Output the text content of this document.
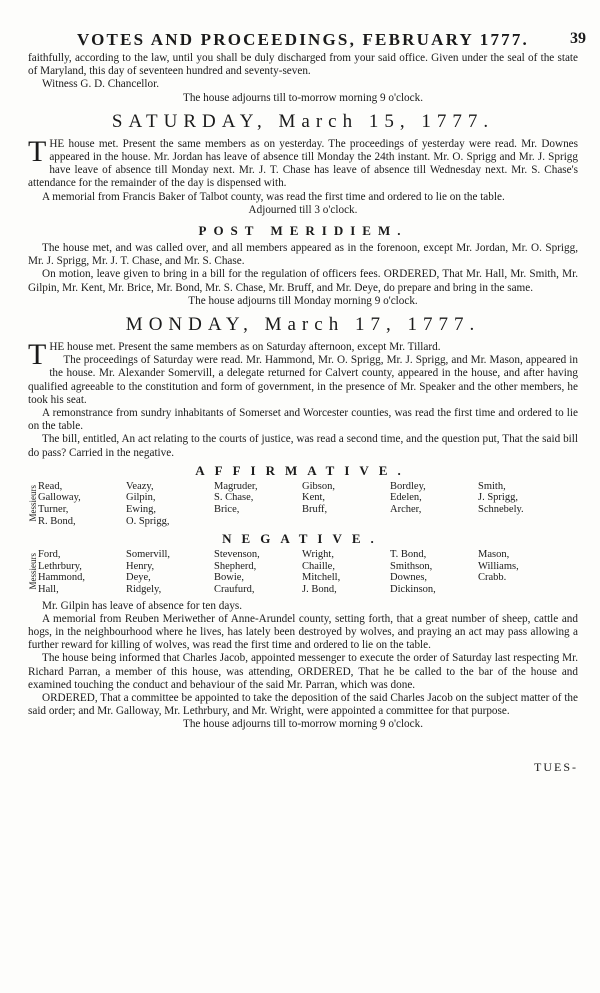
VOTES AND PROCEEDINGS, FEBRUARY 1777.	39

faithfully, according to the law, until you shall be duly discharged from your said office. Given under the seal of the state of Maryland, this day of seventeen hundred and seventy-seven.

Witness G. D. Chancellor.

The house adjourns till to-morrow morning 9 o'clock.

SATURDAY, March 15, 1777.

THE house met. Present the same members as on yesterday. The proceedings of yesterday were read. Mr. Downes appeared in the house. Mr. Jordan has leave of absence till Monday the 24th instant. Mr. O. Sprigg and Mr. J. Sprigg have leave of absence till Monday next. Mr. J. T. Chase has leave of absence till Wednesday next. Mr. S. Chase's attendance for the remainder of the day is dispensed with.

A memorial from Francis Baker of Talbot county, was read the first time and ordered to lie on the table.

Adjourned till 3 o'clock.

POST MERIDIEM.

The house met, and was called over, and all members appeared as in the forenoon, except Mr. Jordan, Mr. O. Sprigg, Mr. J. Sprigg, Mr. J. T. Chase, and Mr. S. Chase.

On motion, leave given to bring in a bill for the regulation of officers fees. ORDERED, That Mr. Hall, Mr. Smith, Mr. Gilpin, Mr. Kent, Mr. Brice, Mr. Bond, Mr. S. Chase, Mr. Bruff, and Mr. Deye, do prepare and bring in the same.

The house adjourns till Monday morning 9 o'clock.

MONDAY, March 17, 1777.

THE house met. Present the same members as on Saturday afternoon, except Mr. Tillard.

The proceedings of Saturday were read. Mr. Hammond, Mr. O. Sprigg, Mr. J. Sprigg, and Mr. Mason, appeared in the house. Mr. Alexander Somervill, a delegate returned for Calvert county, appeared in the house, and after having qualified agreeable to the constitution and form of government, in the presence of Mr. Speaker and the other members, he took his seat.

A remonstrance from sundry inhabitants of Somerset and Worcester counties, was read the first time and ordered to lie on the table.

The bill, entitled, An act relating to the courts of justice, was read a second time, and the question put, That the said bill do pass? Carried in the negative.

AFFIRMATIVE.
Messieurs Read,	Veazy,	Magruder,	Gibson,	Bordley,	Smith,
Galloway,	Gilpin,	S. Chase,	Kent,	Edelen,	J. Sprigg,
Turner,	Ewing,	Brice,	Bruff,	Archer,	Schnebely.
R. Bond,	O. Sprigg,				
NEGATIVE.
Messieurs Ford,	Somervill,	Stevenson,	Wright,	T. Bond,	Mason,
Lethrbury,	Henry,	Shepherd,	Chaille,	Smithson,	Williams,
Hammond,	Deye,	Bowie,	Mitchell,	Downes,	Crabb.
Hall,	Ridgely,	Craufurd,	J. Bond,	Dickinson,	

Mr. Gilpin has leave of absence for ten days.

A memorial from Reuben Meriwether of Anne-Arundel county, setting forth, that a great number of sheep, cattle and hogs, in the neighbourhood where he lives, has lately been destroyed by wolves, and praying an act may pass allowing a further reward for killing of wolves, was read the first time and ordered to lie on the table.

The house being informed that Charles Jacob, appointed messenger to execute the order of Saturday last respecting Mr. Richard Parran, a member of this house, was attending, ORDERED, That he be called to the bar of the house and examined touching the conduct and behaviour of the said Mr. Parran, which was done.

ORDERED, That a committee be appointed to take the deposition of the said Charles Jacob on the subject matter of the said order; and Mr. Galloway, Mr. Lethrbury, and Mr. Wright, were appointed a committee for that purpose.

The house adjourns till to-morrow morning 9 o'clock.

TUES-
